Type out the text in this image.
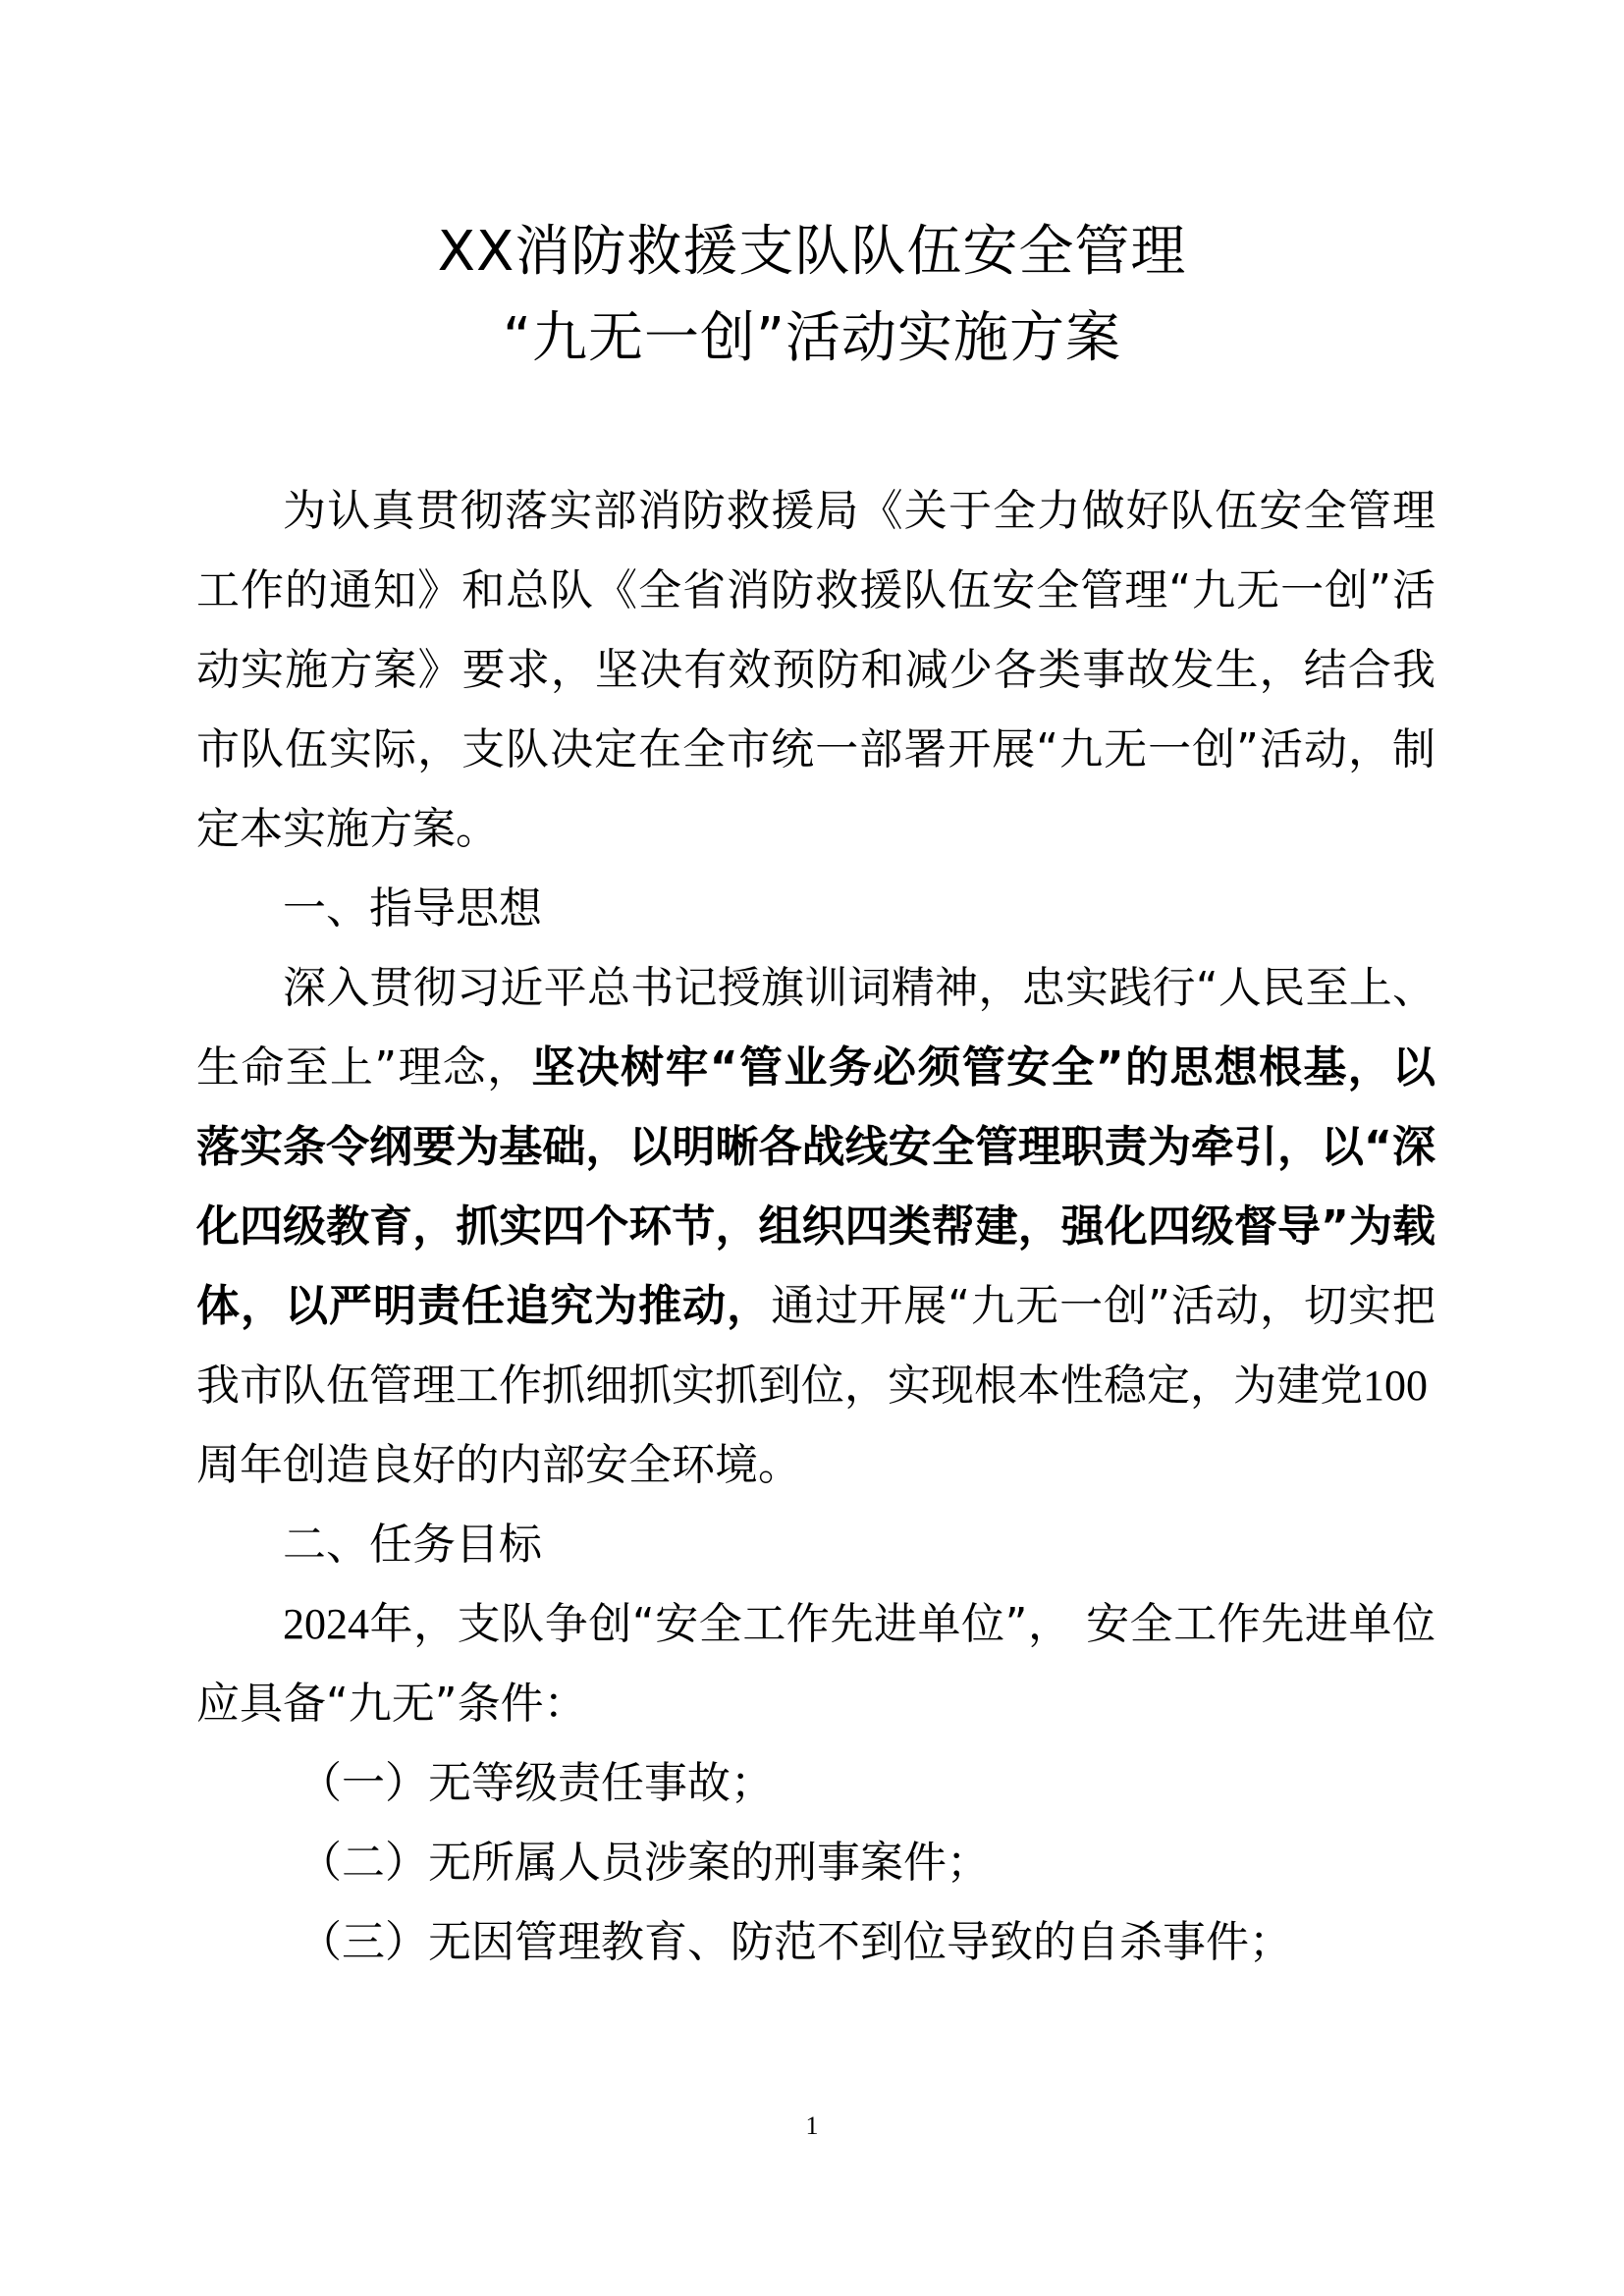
XX消防救援支队队伍安全管理
“九无一创”活动实施方案

为认真贯彻落实部消防救援局《关于全力做好队伍安全管理工作的通知》和总队《全省消防救援队伍安全管理“九无一创”活动实施方案》要求，坚决有效预防和减少各类事故发生，结合我市队伍实际，支队决定在全市统一部署开展“九无一创”活动，制定本实施方案。

一、指导思想

深入贯彻习近平总书记授旗训词精神，忠实践行“人民至上、生命至上”理念，坚决树牢“管业务必须管安全”的思想根基，以落实条令纲要为基础，以明晰各战线安全管理职责为牵引，以“深化四级教育，抓实四个环节，组织四类帮建，强化四级督导”为载体，以严明责任追究为推动，通过开展“九无一创”活动，切实把我市队伍管理工作抓细抓实抓到位，实现根本性稳定，为建党100
周年创造良好的内部安全环境。

二、任务目标

2024年，支队争创“安全工作先进单位”， 安全工作先进单位应具备“九无”条件：

（一）无等级责任事故；

（二）无所属人员涉案的刑事案件；

（三）无因管理教育、防范不到位导致的自杀事件；

1
